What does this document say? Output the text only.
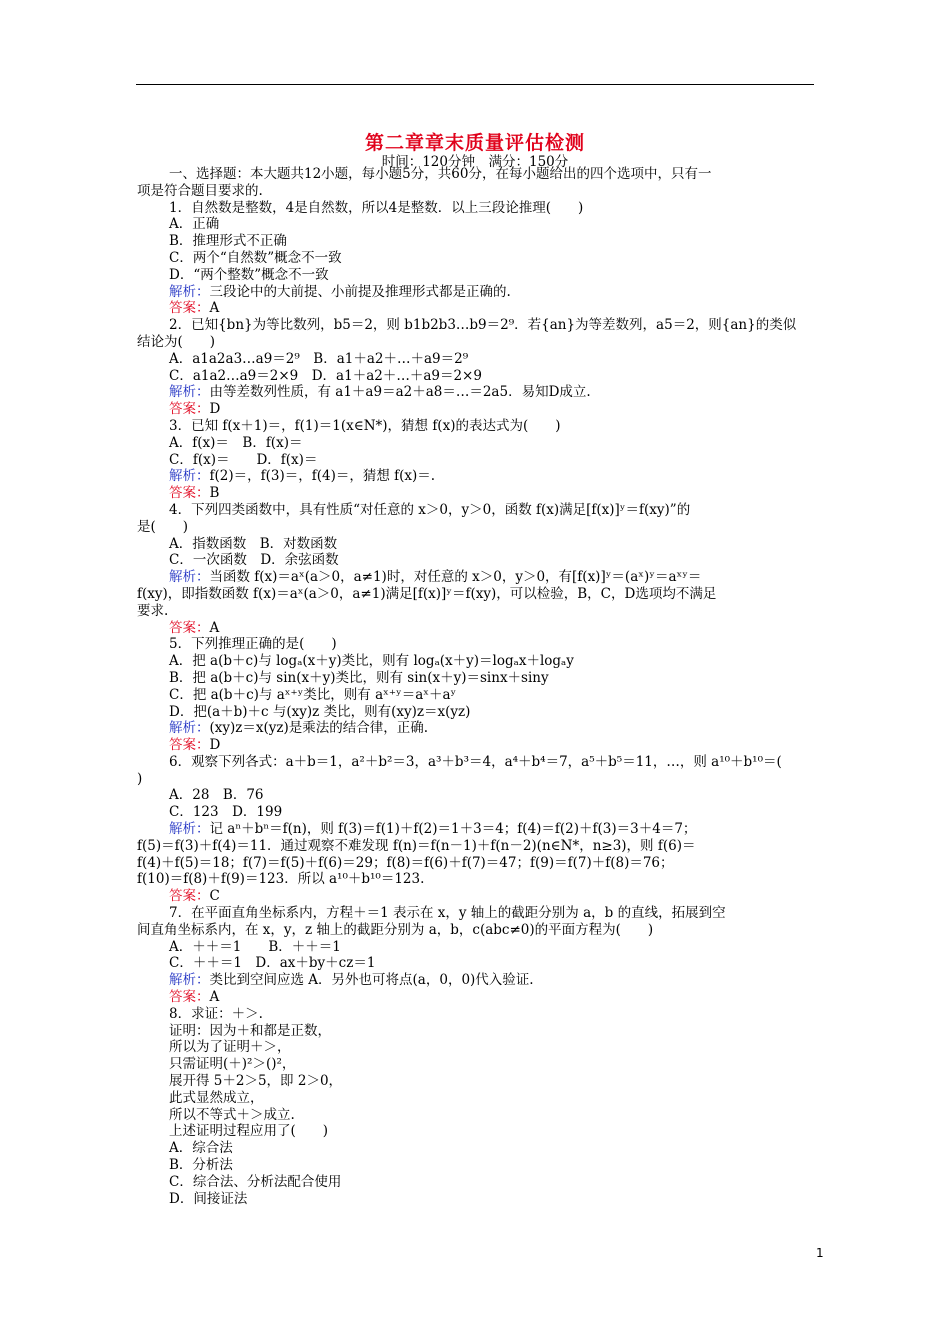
第二章章末质量评估检测
时间：120分钟　满分：150分
一、选择题：本大题共12小题，每小题5分，共60分，在每小题给出的四个选项中，只有一
项是符合题目要求的.
1．自然数是整数，4是自然数，所以4是整数．以上三段论推理(　　)
A．正确
B．推理形式不正确
C．两个“自然数”概念不一致
D．“两个整数”概念不一致
解析：三段论中的大前提、小前提及推理形式都是正确的.
答案：A
2．已知{bn}为等比数列，b5＝2，则 b1b2b3…b9＝2⁹．若{an}为等差数列，a5＝2，则{an}的类似
结论为(　　)
A．a1a2a3…a9＝2⁹　B．a1＋a2＋…＋a9＝2⁹
C．a1a2…a9＝2×9　D．a1＋a2＋…＋a9＝2×9
解析：由等差数列性质，有 a1＋a9＝a2＋a8＝…＝2a5．易知D成立.
答案：D
3．已知 f(x＋1)＝，f(1)＝1(x∈N*)，猜想 f(x)的表达式为(　　)
A．f(x)＝　B．f(x)＝
C．f(x)＝　　D．f(x)＝
解析：f(2)＝，f(3)＝，f(4)＝，猜想 f(x)＝.
答案：B
4．下列四类函数中，具有性质“对任意的 x＞0，y＞0，函数 f(x)满足[f(x)]ʸ＝f(xy)”的
是(　　)
A．指数函数　B．对数函数
C．一次函数　D．余弦函数
解析：当函数 f(x)＝aˣ(a＞0，a≠1)时，对任意的 x＞0，y＞0，有[f(x)]ʸ＝(aˣ)ʸ＝aˣʸ＝
f(xy)，即指数函数 f(x)＝aˣ(a＞0，a≠1)满足[f(x)]ʸ＝f(xy)，可以检验，B，C，D选项均不满足
要求.
答案：A
5．下列推理正确的是(　　)
A．把 a(b＋c)与 logₐ(x＋y)类比，则有 logₐ(x＋y)＝logₐx＋logₐy
B．把 a(b＋c)与 sin(x＋y)类比，则有 sin(x＋y)＝sinx＋siny
C．把 a(b＋c)与 aˣ⁺ʸ类比，则有 aˣ⁺ʸ＝aˣ＋aʸ
D．把(a＋b)＋c 与(xy)z 类比，则有(xy)z＝x(yz)
解析：(xy)z＝x(yz)是乘法的结合律，正确.
答案：D
6．观察下列各式：a＋b＝1，a²＋b²＝3，a³＋b³＝4，a⁴＋b⁴＝7，a⁵＋b⁵＝11，…，则 a¹⁰＋b¹⁰＝(
)
A．28　B．76
C．123　D．199
解析：记 aⁿ＋bⁿ＝f(n)，则 f(3)＝f(1)＋f(2)＝1＋3＝4；f(4)＝f(2)＋f(3)＝3＋4＝7；
f(5)＝f(3)＋f(4)＝11．通过观察不难发现 f(n)＝f(n－1)＋f(n－2)(n∈N*，n≥3)，则 f(6)＝
f(4)＋f(5)＝18；f(7)＝f(5)＋f(6)＝29；f(8)＝f(6)＋f(7)＝47；f(9)＝f(7)＋f(8)＝76；
f(10)＝f(8)＋f(9)＝123．所以 a¹⁰＋b¹⁰＝123.
答案：C
7．在平面直角坐标系内，方程＋＝1 表示在 x，y 轴上的截距分别为 a，b 的直线，拓展到空
间直角坐标系内，在 x，y，z 轴上的截距分别为 a，b，c(abc≠0)的平面方程为(　　)
A．＋＋＝1　　B．＋＋＝1
C．＋＋＝1　D．ax＋by＋cz＝1
解析：类比到空间应选 A．另外也可将点(a，0，0)代入验证.
答案：A
8．求证：＋＞.
证明：因为＋和都是正数，
所以为了证明＋＞，
只需证明(＋)²＞()²，
展开得 5＋2＞5，即 2＞0，
此式显然成立，
所以不等式＋＞成立.
上述证明过程应用了(　　)
A．综合法
B．分析法
C．综合法、分析法配合使用
D．间接证法
1
